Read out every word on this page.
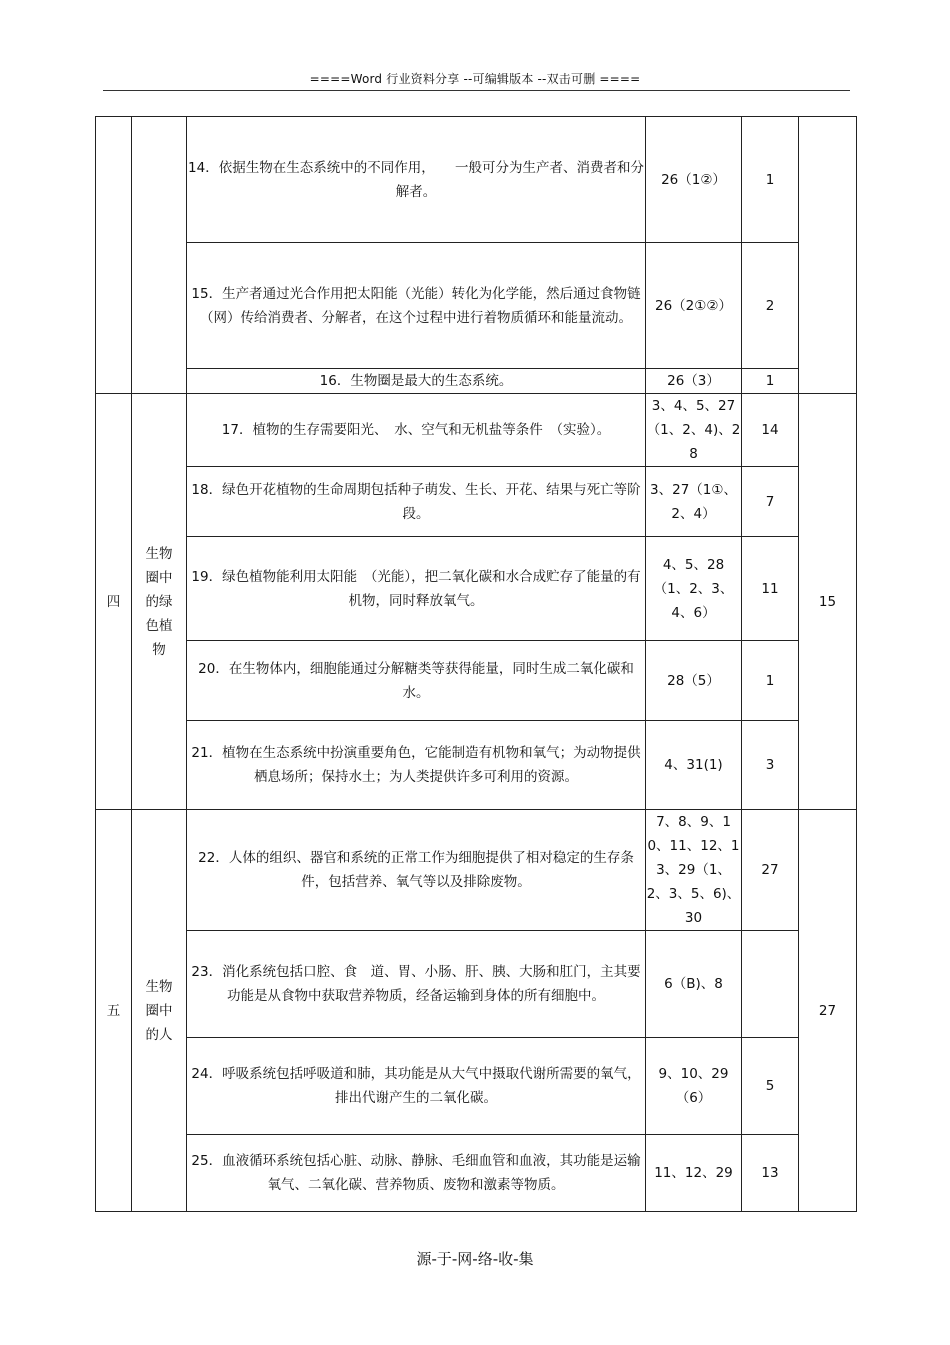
====Word 行业资料分享 --可编辑版本 --双击可删 ====

		14．依据生物在生态系统中的不同作用，　　一般可分为生产者、消费者和分解者。	26（1②）	1	

		15．生产者通过光合作用把太阳能（光能）转化为化学能，然后通过食物链（网）传给消费者、分解者，在这个过程中进行着物质循环和能量流动。	26（2①②）	2	

		16．生物圈是最大的生态系统。	26（3）	1	
四	生物圈中的绿色植物	17．植物的生存需要阳光、　水、空气和无机盐等条件　（实验）。	3、4、5、27（1、2、4)、28	14	15

		18．绿色开花植物的生命周期包括种子萌发、生长、开花、结果与死亡等阶段。	3、27（1①、2、4）	7	

		19．绿色植物能利用太阳能　（光能），把二氧化碳和水合成贮存了能量的有机物，同时释放氧气。	4、5、28（1、2、3、4、6）	11	

		20．在生物体内，细胞能通过分解糖类等获得能量，同时生成二氧化碳和水。	28（5）	1	

		21．植物在生态系统中扮演重要角色，它能制造有机物和氧气；为动物提供栖息场所；保持水土；为人类提供许多可利用的资源。	4、31(1)	3	
五	生物圈中的人	22．人体的组织、器官和系统的正常工作为细胞提供了相对稳定的生存条件，包括营养、氧气等以及排除废物。	7、8、9、10、11、12、13、29（1、2、3、5、6)、30	27	27

		23．消化系统包括口腔、食　道、胃、小肠、肝、胰、大肠和肛门，主其要功能是从食物中获取营养物质，经备运输到身体的所有细胞中。	6（B)、8		

		24．呼吸系统包括呼吸道和肺，其功能是从大气中摄取代谢所需要的氧气，排出代谢产生的二氧化碳。	9、10、29（6）	5	

		25．血液循环系统包括心脏、动脉、静脉、毛细血管和血液，其功能是运输氧气、二氧化碳、营养物质、废物和激素等物质。	11、12、29	13	
源-于-网-络-收-集
